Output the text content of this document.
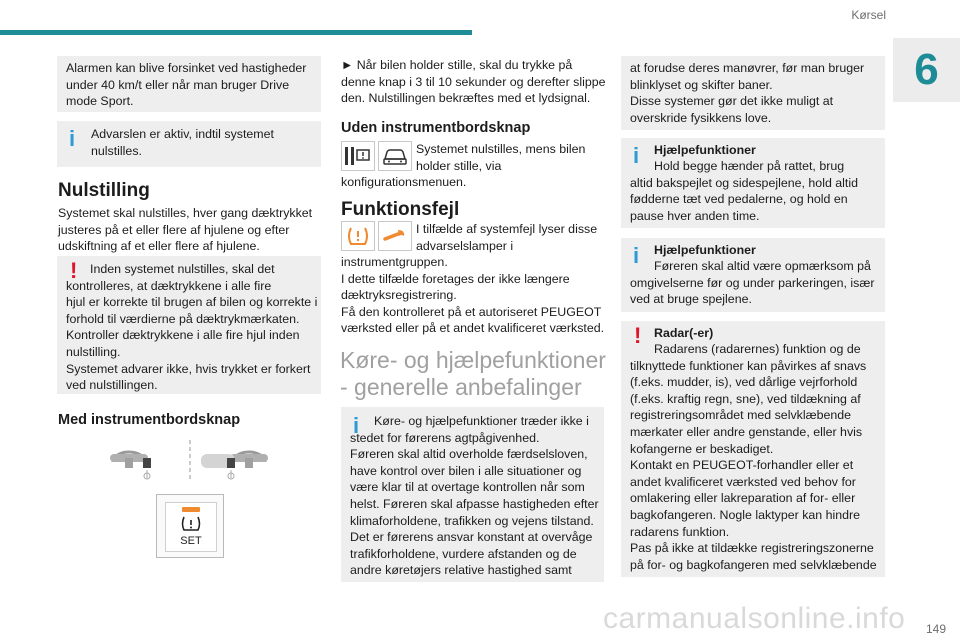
Kørsel
6
Alarmen kan blive forsinket ved hastigheder
under 40 km/t eller når man bruger Drive
mode Sport.
i Advarslen er aktiv, indtil systemet
nulstilles.
Nulstilling
Systemet skal nulstilles, hver gang dæktrykket
justeres på et eller flere af hjulene og efter
udskiftning af et eller flere af hjulene.
!	Inden systemet nulstilles, skal det
kontrolleres, at dæktrykkene i alle fire
hjul er korrekte til brugen af bilen og korrekte i
forhold til værdierne på dæktrykmærkaten.
Kontroller dæktrykkene i alle fire hjul inden
nulstilling.
Systemet advarer ikke, hvis trykket er forkert
ved nulstillingen.
Med instrumentbordsknap
SET
► Når bilen holder stille, skal du trykke på
denne knap i 3 til 10 sekunder og derefter slippe
den. Nulstillingen bekræftes med et lydsignal.
Uden instrumentbordsknap
Systemet nulstilles, mens bilen
holder stille, via
konfigurationsmenuen.
Funktionsfejl
I tilfælde af systemfejl lyser disse
advarselslamper i
instrumentgruppen.
I dette tilfælde foretages der ikke længere
dæktryksregistrering.
Få den kontrolleret på et autoriseret PEUGEOT
værksted eller på et andet kvalificeret værksted.
Køre- og hjælpefunktioner
- generelle anbefalinger
i	Køre- og hjælpefunktioner træder ikke i
stedet for førerens agtpågivenhed.
Føreren skal altid overholde færdselsloven,
have kontrol over bilen i alle situationer og
være klar til at overtage kontrollen når som
helst. Føreren skal afpasse hastigheden efter
klimaforholdene, trafikken og vejens tilstand.
Det er førerens ansvar konstant at overvåge
trafikforholdene, vurdere afstanden og de
andre køretøjers relative hastighed samt
at forudse deres manøvrer, før man bruger
blinklyset og skifter baner.
Disse systemer gør det ikke muligt at
overskride fysikkens love.
i Hjælpefunktioner
Hold begge hænder på rattet, brug
altid bakspejlet og sidespejlene, hold altid
fødderne tæt ved pedalerne, og hold en
pause hver anden time.
i Hjælpefunktioner
Føreren skal altid være opmærksom på
omgivelserne før og under parkeringen, især
ved at bruge spejlene.
! Radar(-er)
Radarens (radarernes) funktion og de
tilknyttede funktioner kan påvirkes af snavs
(f.eks. mudder, is), ved dårlige vejrforhold
(f.eks. kraftig regn, sne), ved tildækning af
registreringsområdet med selvklæbende
mærkater eller andre genstande, eller hvis
kofangerne er beskadiget.
Kontakt en PEUGEOT-forhandler eller et
andet kvalificeret værksted ved behov for
omlakering eller lakreparation af for- eller
bagkofangeren. Nogle laktyper kan hindre
radarens funktion.
Pas på ikke at tildække registreringszonerne
på for- og bagkofangeren med selvklæbende
149
carmanualsonline.info
